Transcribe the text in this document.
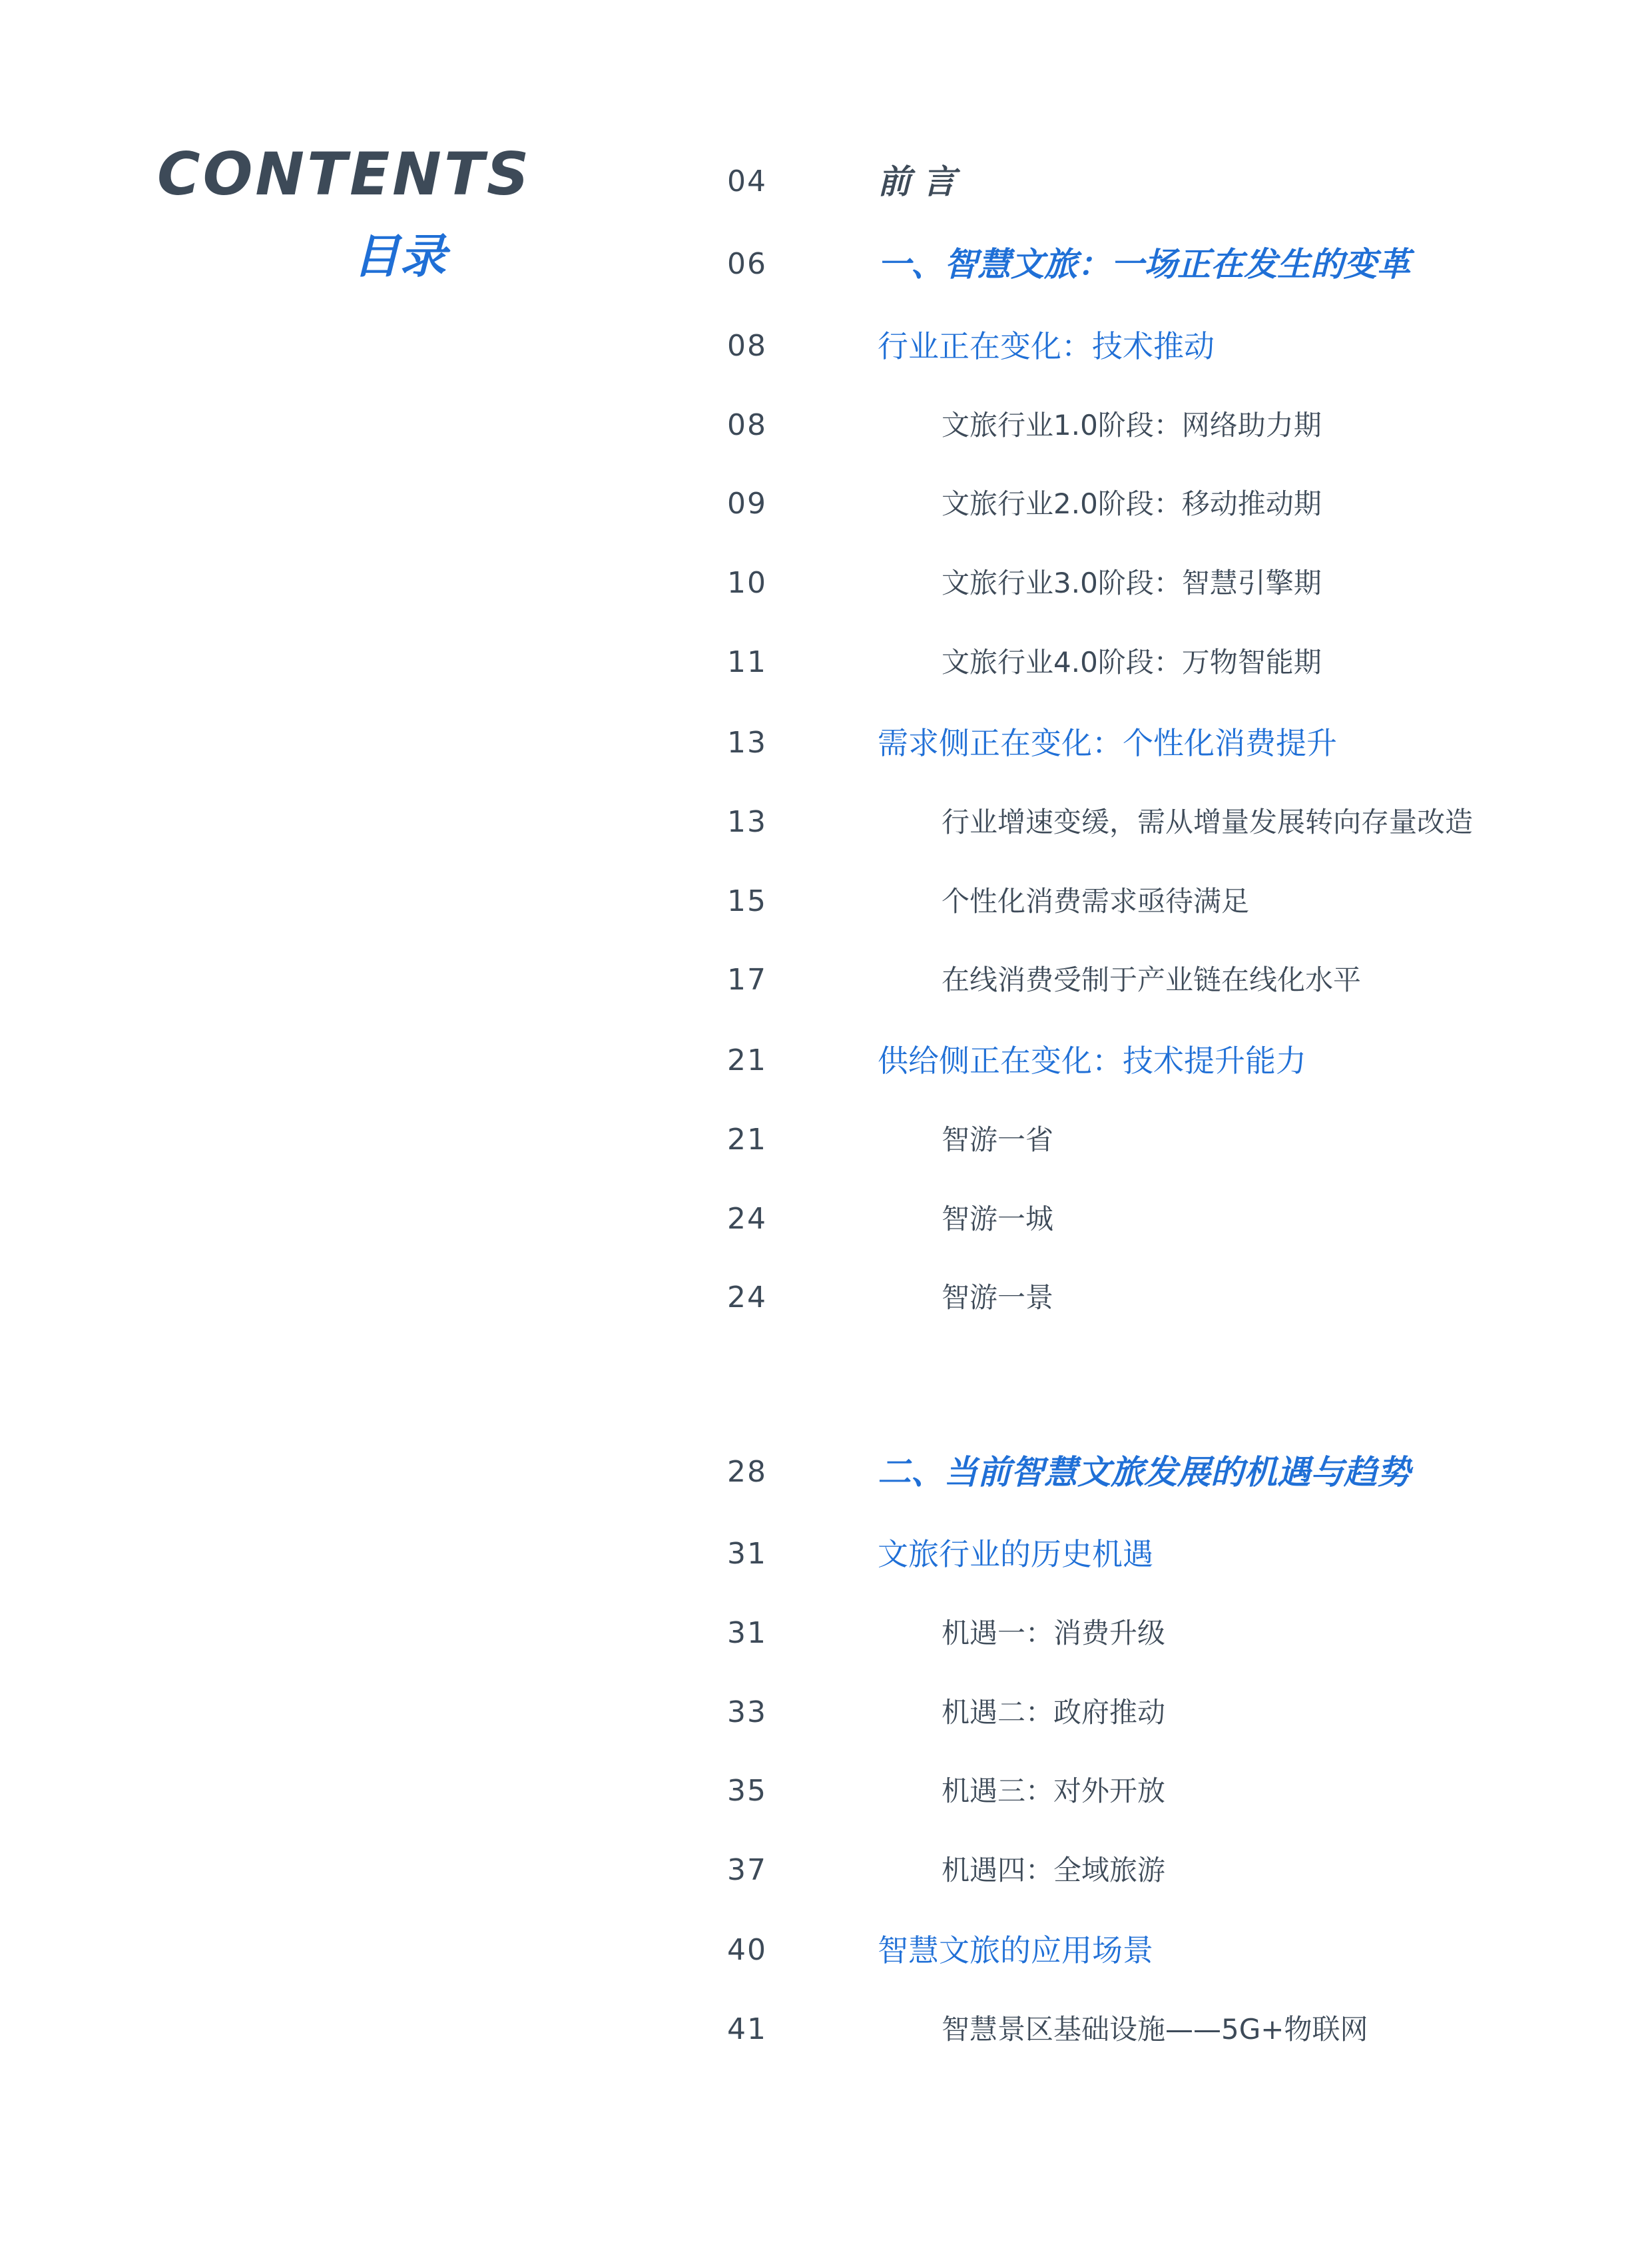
CONTENTS
目录
04	前 言
06	一、智慧文旅：一场正在发生的变革
08	行业正在变化：技术推动
08	文旅行业1.0阶段：网络助力期
09	文旅行业2.0阶段：移动推动期
10	文旅行业3.0阶段：智慧引擎期
11	文旅行业4.0阶段：万物智能期
13	需求侧正在变化：个性化消费提升
13	行业增速变缓，需从增量发展转向存量改造
15	个性化消费需求亟待满足
17	在线消费受制于产业链在线化水平
21	供给侧正在变化：技术提升能力
21	智游一省
24	智游一城
24	智游一景
28	二、当前智慧文旅发展的机遇与趋势
31	文旅行业的历史机遇
31	机遇一：消费升级
33	机遇二：政府推动
35	机遇三：对外开放
37	机遇四：全域旅游
40	智慧文旅的应用场景
41	智慧景区基础设施——5G+物联网
